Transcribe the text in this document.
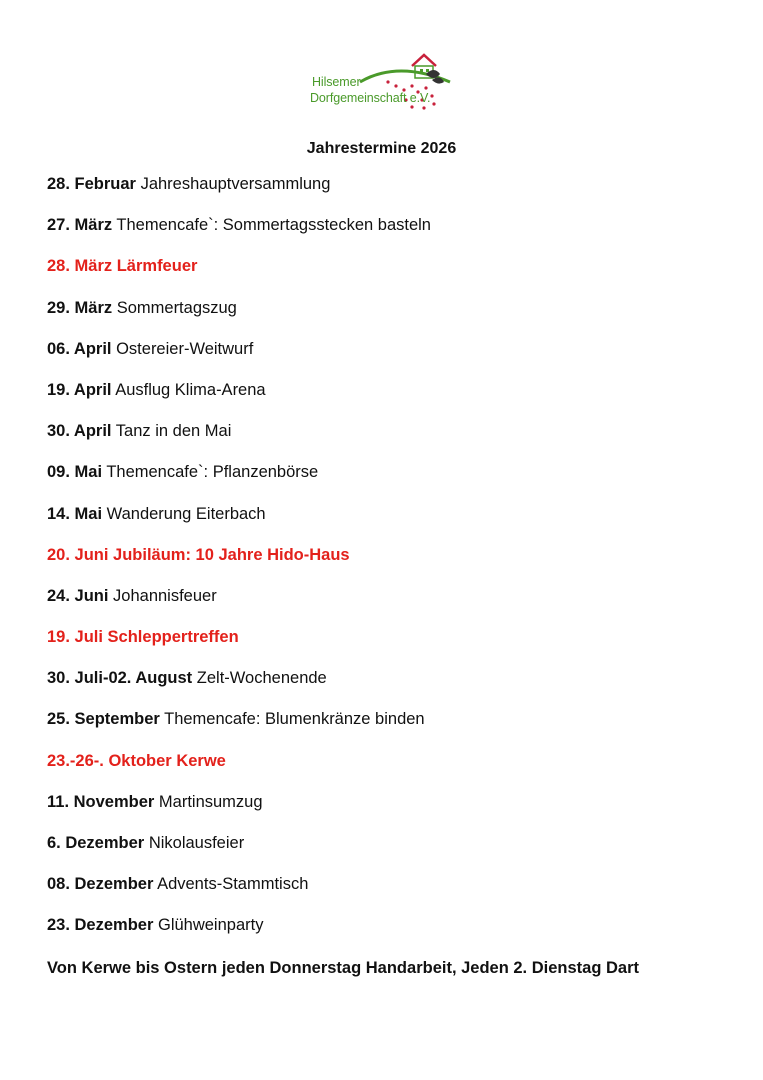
Hilsemer
Dorfgemeinschaft e.V.
Jahrestermine 2026
28. Februar Jahreshauptversammlung
27. März Themencafe`: Sommertagsstecken basteln
28. März Lärmfeuer
29. März Sommertagszug
06. April Ostereier-Weitwurf
19. April Ausflug Klima-Arena
30. April Tanz in den Mai
09. Mai Themencafe`: Pflanzenbörse
14. Mai Wanderung Eiterbach
20. Juni Jubiläum: 10 Jahre Hido-Haus
24. Juni Johannisfeuer
19. Juli Schleppertreffen
30. Juli-02. August Zelt-Wochenende
25. September Themencafe: Blumenkränze binden
23.-26-. Oktober Kerwe
11. November Martinsumzug
6. Dezember Nikolausfeier
08. Dezember Advents-Stammtisch
23. Dezember Glühweinparty
Von Kerwe bis Ostern jeden Donnerstag Handarbeit, Jeden 2. Dienstag Dart
